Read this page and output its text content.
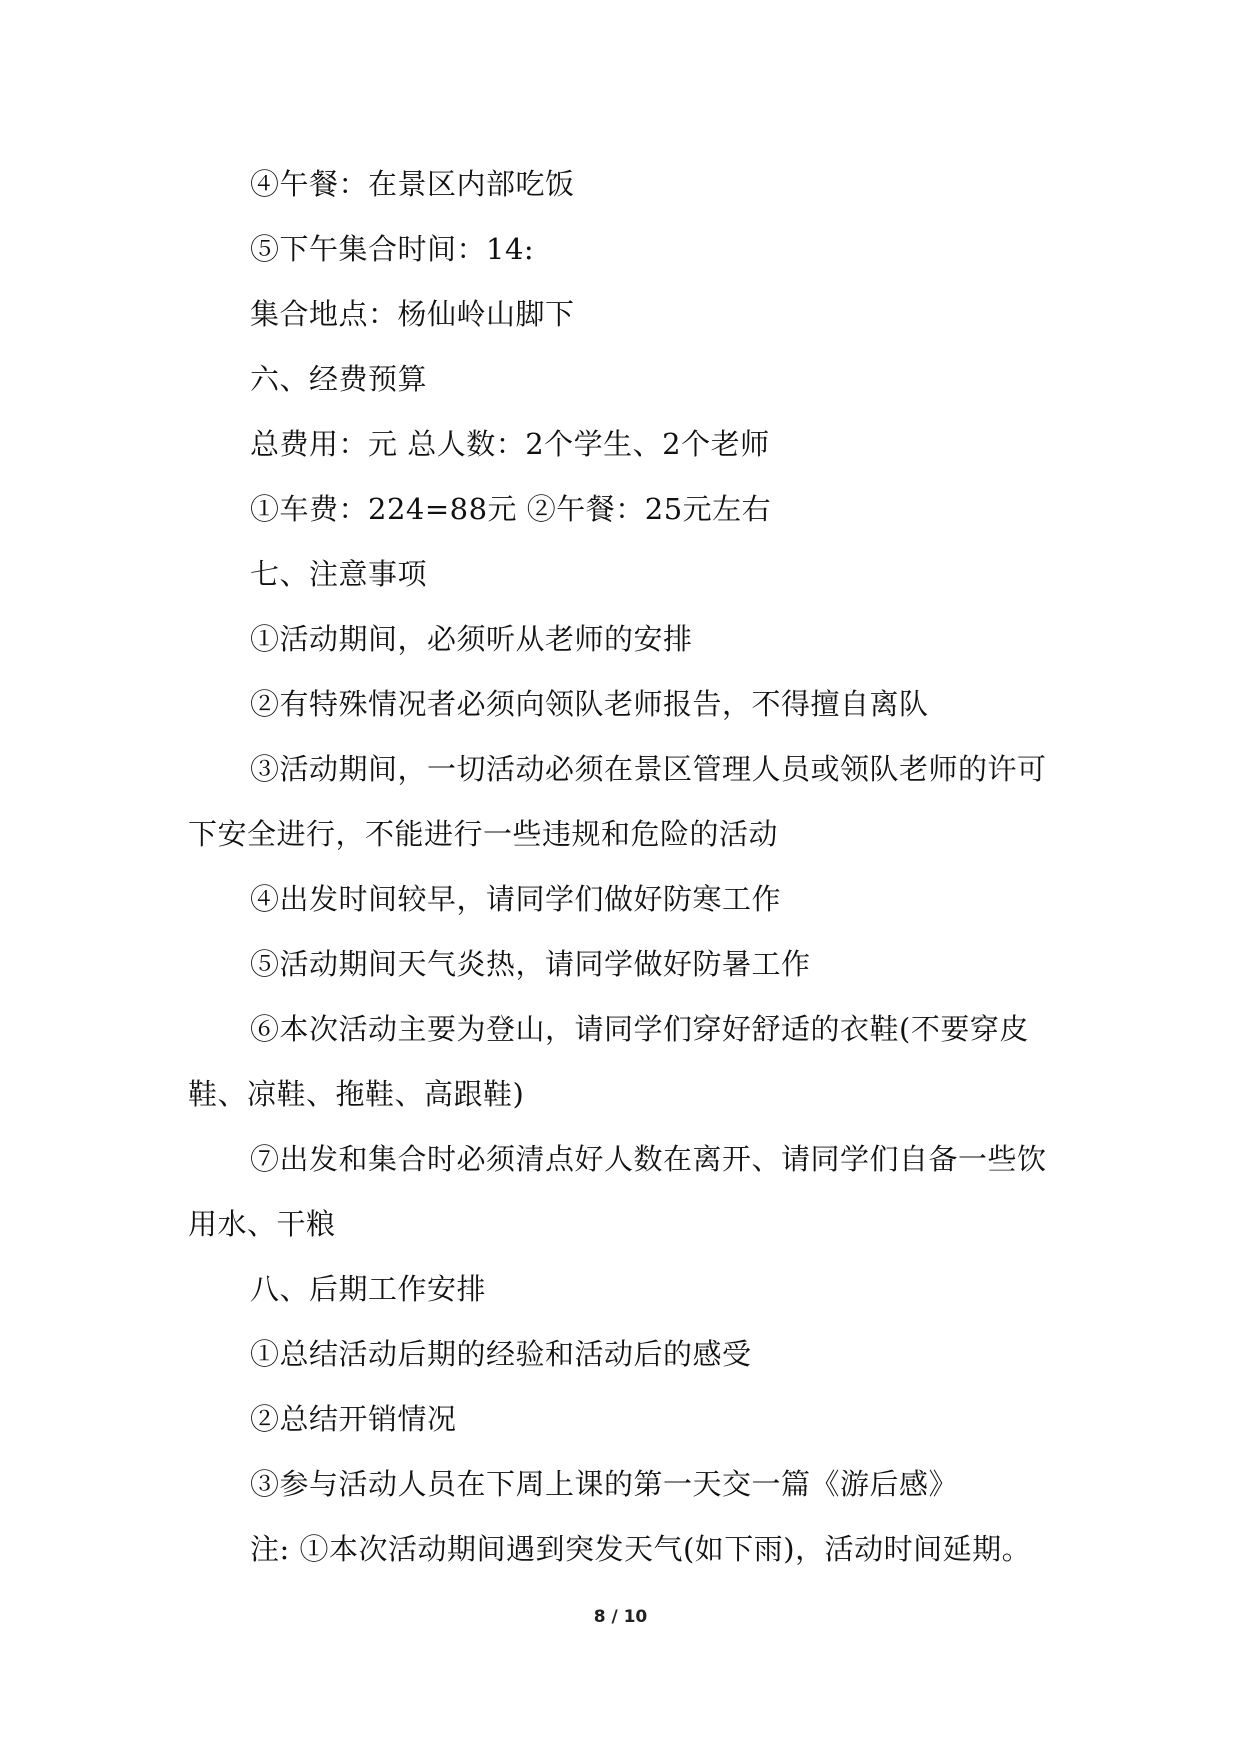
④午餐：在景区内部吃饭

⑤下午集合时间：14:

集合地点：杨仙岭山脚下

六、经费预算

总费用：元 总人数：2个学生、2个老师

①车费：224=88元 ②午餐：25元左右

七、注意事项

①活动期间，必须听从老师的安排

②有特殊情况者必须向领队老师报告，不得擅自离队

③活动期间，一切活动必须在景区管理人员或领队老师的许可下安全进行，不能进行一些违规和危险的活动

④出发时间较早，请同学们做好防寒工作

⑤活动期间天气炎热，请同学做好防暑工作

⑥本次活动主要为登山，请同学们穿好舒适的衣鞋(不要穿皮鞋、凉鞋、拖鞋、高跟鞋)

⑦出发和集合时必须清点好人数在离开、请同学们自备一些饮用水、干粮

八、后期工作安排

①总结活动后期的经验和活动后的感受

②总结开销情况

③参与活动人员在下周上课的第一天交一篇《游后感》

注: ①本次活动期间遇到突发天气(如下雨)，活动时间延期。

8 / 10
